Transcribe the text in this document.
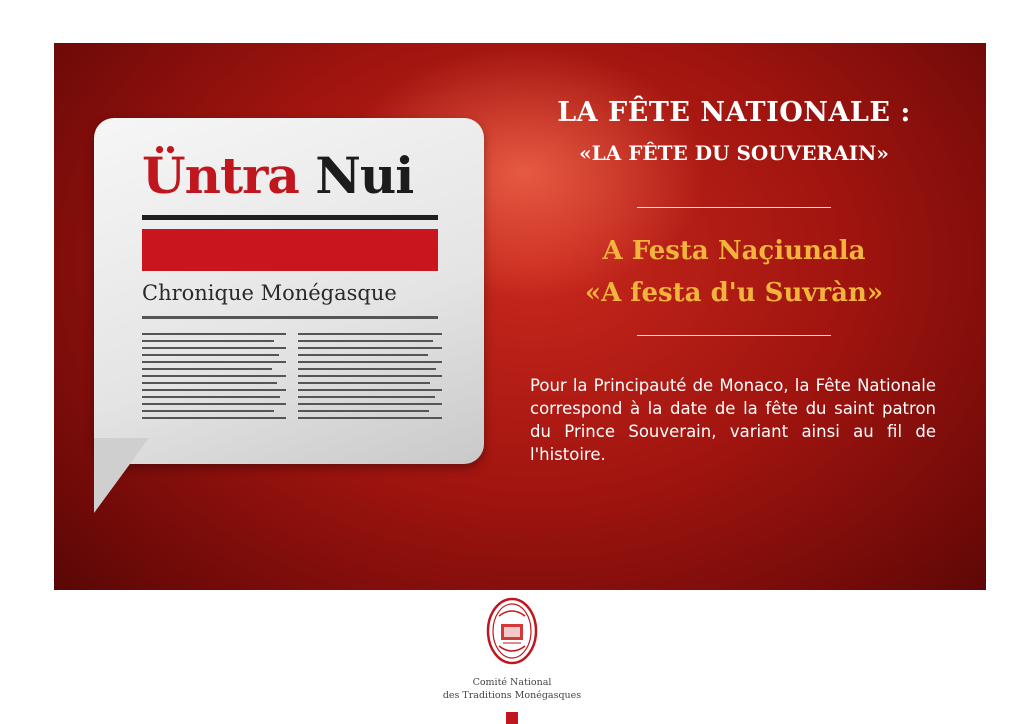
Üntra Nui

Chronique Monégasque

LA FÊTE NATIONALE :
«LA FÊTE DU SOUVERAIN»

A Festa Naçiunala

«A festa d'u Suvràn»

Pour la Principauté de Monaco, la Fête Nationale correspond à la date de la fête du saint patron du Prince Souverain, variant ainsi au fil de l'histoire.

Comité National

des Traditions Monégasques
